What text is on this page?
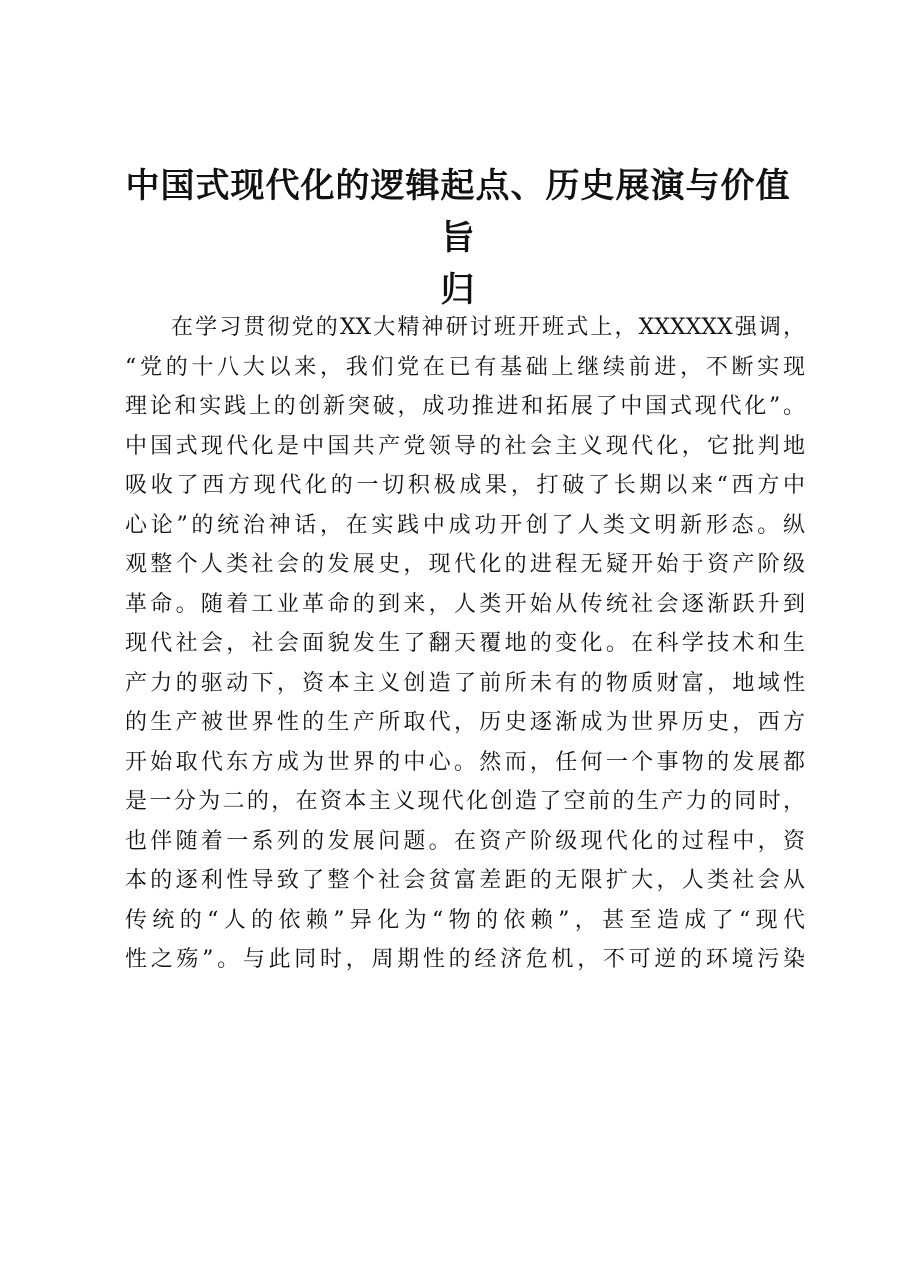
中国式现代化的逻辑起点、历史展演与价值旨
归
在学习贯彻党的XX大精神研讨班开班式上，XXXXXX强调，
“党的十八大以来，我们党在已有基础上继续前进，不断实现
理论和实践上的创新突破，成功推进和拓展了中国式现代化”。
中国式现代化是中国共产党领导的社会主义现代化，它批判地
吸收了西方现代化的一切积极成果，打破了长期以来“西方中
心论”的统治神话，在实践中成功开创了人类文明新形态。纵
观整个人类社会的发展史，现代化的进程无疑开始于资产阶级
革命。随着工业革命的到来，人类开始从传统社会逐渐跃升到
现代社会，社会面貌发生了翻天覆地的变化。在科学技术和生
产力的驱动下，资本主义创造了前所未有的物质财富，地域性
的生产被世界性的生产所取代，历史逐渐成为世界历史，西方
开始取代东方成为世界的中心。然而，任何一个事物的发展都
是一分为二的，在资本主义现代化创造了空前的生产力的同时，
也伴随着一系列的发展问题。在资产阶级现代化的过程中，资
本的逐利性导致了整个社会贫富差距的无限扩大，人类社会从
传统的“人的依赖”异化为“物的依赖”，甚至造成了“现代
性之殇”。与此同时，周期性的经济危机，不可逆的环境污染
